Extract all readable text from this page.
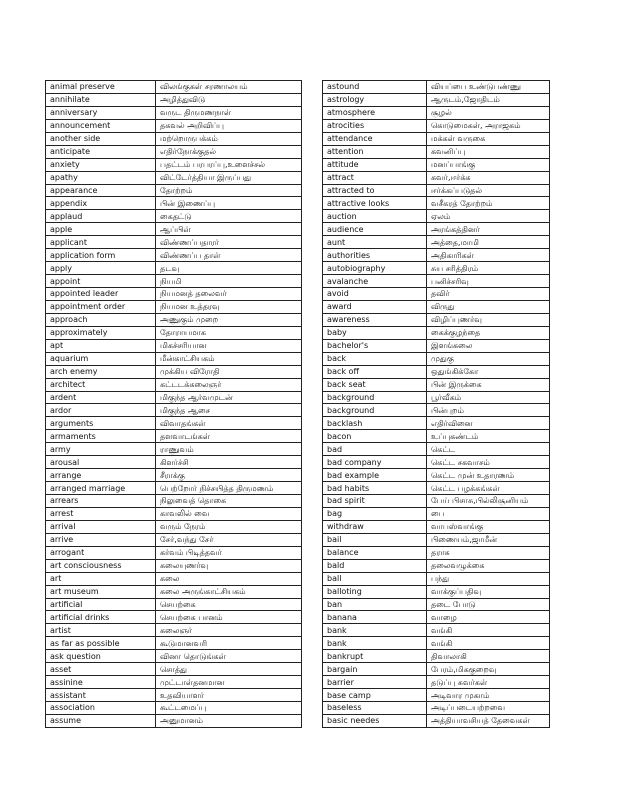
animal preserve	விலங்குகள் சரணாலயம்
annihilate	அழித்துவிடு
anniversary	வருட திருமணநாள்
announcement	தகவல் அறிவிப்பு
another side	மற்றொருபக்கம்
anticipate	எதிர்நோக்குதல்
anxiety	பதட்டம் பரபரப்பு,உளைச்சல்
apathy	விட்டேர்த்தியா இருப்பது
appearance	தோற்றம்
appendix	பின் இணைப்பு
applaud	கைதட்டு
apple	ஆப்பிள்
applicant	விண்ணப்பதாரர்
application form	விண்ணப்ப தாள்
apply	தடவு
appoint	நியமி
appointed leader	நியமனத் தலைவர்
appointment order	நியமன உத்தரவு
approach	அணுகும் முறை
approximately	தோராயமாக
apt	மிகச்சரியான
aquarium	மீன்காட்சியகம்
arch enemy	முக்கிய விரோதி
architect	கட்டடக்கலைஞர்
ardent	மிகுந்த ஆர்வமுடன்
ardor	மிகுந்த ஆசை
arguments	விவாதங்கள்
armaments	தளவாடங்கள்
army	ராணுவம்
arousal	கிளர்ச்சி
arrange	சீராக்கு
arranged marriage	பெற்றோர் நிச்சயித்த திருமணம்
arrears	நிலுவைத் தொகை
arrest	காவலில் வை
arrival	வரும் நேரம்
arrive	சேர்,வந்து சேர்
arrogant	கர்வம் பிடித்தவர்
art consciousness	கலையுணர்வு
art	கலை
art museum	கலை அருங்காட்சியகம்
artificial	செயற்கை
artificial drinks	செயற்கை பானம்
artist	கலைஞர்
as far as possible	கூடுமானவரி
ask question	வினா தொடுங்கள்
asset	சொத்து
assinine	முட்டாள்தனமான
assistant	உதவியாளர்
association	கூட்டமைப்பு
assume	அனுமானம்
astound	வியப்பை உண்டுபண்ணு
astrology	ஆருடம்,ஜோதிடம்
atmosphere	சூழல்
atrocities	கொடுமைகள், அராஜகம்
attendance	மக்கள் வருகை
attention	கவனிப்பு
attitude	மனப்பாங்கு
attract	கவர்,ஈர்க்க
attracted to	ஈர்க்கப்படுதல்
attractive looks	வசீகரத் தோற்றம்
auction	ஏலம்
audience	அரங்கத்தினர்
aunt	அத்தை,மாமி
authorities	அதிகாரிகள்
autobiography	சுய சரித்திரம்
avalanche	பனிச்சரிவு
avoid	தவிர்
award	விருது
awareness	விழிப்புணர்வு
baby	கைக்குழந்தை
bachelor's	இளங்கலை
back	முதுகு
back off	ஒதுங்கிக்கோ
back seat	பின் இருக்கை
background	பூர்வீகம்
background	பின்புறம்
backlash	எதிர்வினை
bacon	உப்புகண்டம்
bad	கெட்ட
bad company	கெட்ட சகவாசம்
bad example	கெட்ட முன் உதாரணம்
bad habits	கெட்ட பழக்கங்கள்
bad spirit	பேய் பிசாசு,பில்லிசூனியம்
bag	பை
withdraw	வாபஸ்வாங்கு
bail	பிணையம்,ஜாமீன்
balance	தராசு
bald	தலைவழுக்கை
ball	பந்து
balloting	வாக்குப்பதிவு
ban	தடை போடு
banana	வாழை
bank	வங்கி
bank	வங்கி
bankrupt	திவாலாகி
bargain	பேரம்,மிககுறைவு
barrier	தடுப்பு சுவர்கள்
base camp	அடிவார முகாம்
baseless	அடிப்படையற்றவை
basic needes	அத்தியாவசியத் தேவைகள்
